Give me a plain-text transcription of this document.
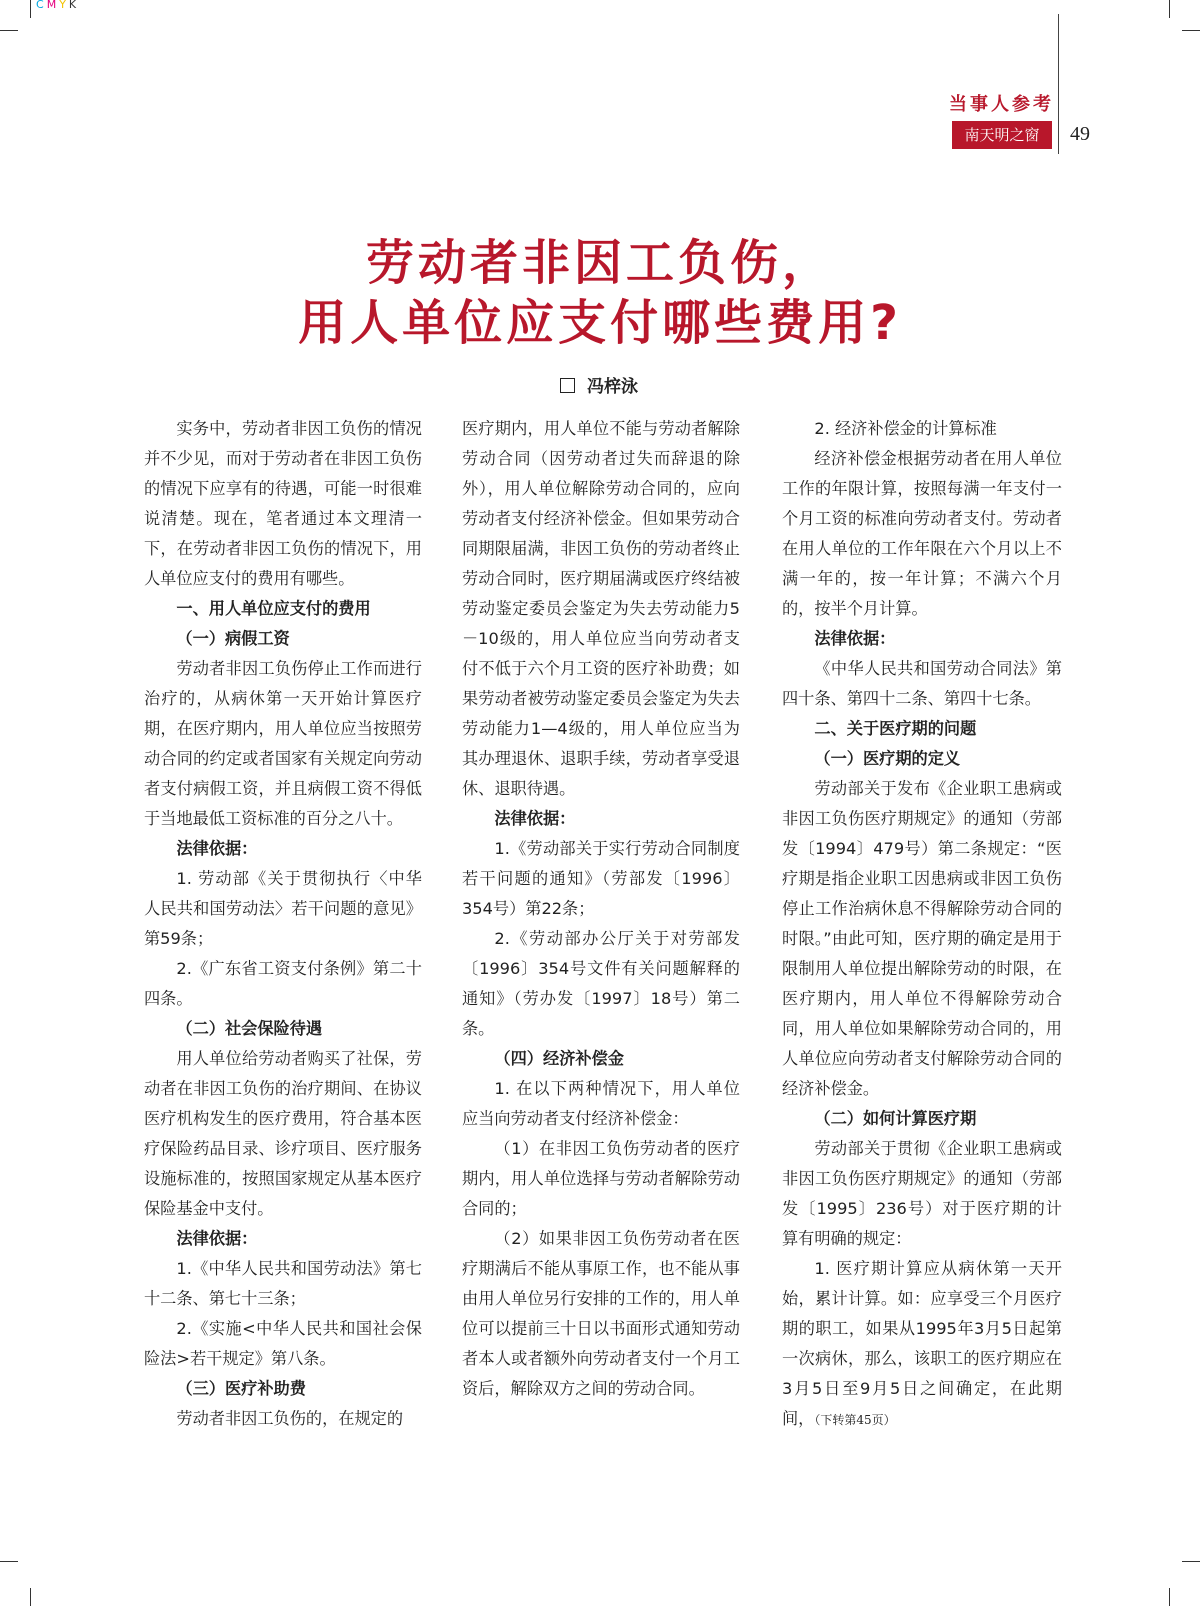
CMYK
当事人参考
南天明之窗	49
劳动者非因工负伤，
用人单位应支付哪些费用?
冯梓泳

实务中，劳动者非因工负伤的情况并不少见，而对于劳动者在非因工负伤的情况下应享有的待遇，可能一时很难说清楚。现在，笔者通过本文理清一下，在劳动者非因工负伤的情况下，用人单位应支付的费用有哪些。

一、用人单位应支付的费用

（一）病假工资

劳动者非因工负伤停止工作而进行治疗的，从病休第一天开始计算医疗期，在医疗期内，用人单位应当按照劳动合同的约定或者国家有关规定向劳动者支付病假工资，并且病假工资不得低于当地最低工资标准的百分之八十。

法律依据：

1. 劳动部《关于贯彻执行〈中华人民共和国劳动法〉若干问题的意见》第59条；

2.《广东省工资支付条例》第二十四条。

（二）社会保险待遇

用人单位给劳动者购买了社保，劳动者在非因工负伤的治疗期间、在协议医疗机构发生的医疗费用，符合基本医疗保险药品目录、诊疗项目、医疗服务设施标准的，按照国家规定从基本医疗保险基金中支付。

法律依据：

1.《中华人民共和国劳动法》第七十二条、第七十三条；

2.《实施<中华人民共和国社会保险法>若干规定》第八条。

（三）医疗补助费

劳动者非因工负伤的，在规定的

医疗期内，用人单位不能与劳动者解除劳动合同（因劳动者过失而辞退的除外），用人单位解除劳动合同的，应向劳动者支付经济补偿金。但如果劳动合同期限届满，非因工负伤的劳动者终止劳动合同时，医疗期届满或医疗终结被劳动鉴定委员会鉴定为失去劳动能力5－10级的，用人单位应当向劳动者支付不低于六个月工资的医疗补助费；如果劳动者被劳动鉴定委员会鉴定为失去劳动能力1—4级的，用人单位应当为其办理退休、退职手续，劳动者享受退休、退职待遇。

法律依据：

1.《劳动部关于实行劳动合同制度若干问题的通知》（劳部发〔1996〕354号）第22条；

2.《劳动部办公厅关于对劳部发〔1996〕354号文件有关问题解释的通知》（劳办发〔1997〕18号）第二条。

（四）经济补偿金

1. 在以下两种情况下，用人单位应当向劳动者支付经济补偿金：

（1）在非因工负伤劳动者的医疗期内，用人单位选择与劳动者解除劳动合同的；

（2）如果非因工负伤劳动者在医疗期满后不能从事原工作，也不能从事由用人单位另行安排的工作的，用人单位可以提前三十日以书面形式通知劳动者本人或者额外向劳动者支付一个月工资后，解除双方之间的劳动合同。

2. 经济补偿金的计算标准

经济补偿金根据劳动者在用人单位工作的年限计算，按照每满一年支付一个月工资的标准向劳动者支付。劳动者在用人单位的工作年限在六个月以上不满一年的，按一年计算；不满六个月的，按半个月计算。

法律依据：

《中华人民共和国劳动合同法》第四十条、第四十二条、第四十七条。

二、关于医疗期的问题

（一）医疗期的定义

劳动部关于发布《企业职工患病或非因工负伤医疗期规定》的通知（劳部发〔1994〕479号）第二条规定：“医疗期是指企业职工因患病或非因工负伤停止工作治病休息不得解除劳动合同的时限。”由此可知，医疗期的确定是用于限制用人单位提出解除劳动的时限，在医疗期内，用人单位不得解除劳动合同，用人单位如果解除劳动合同的，用人单位应向劳动者支付解除劳动合同的经济补偿金。

（二）如何计算医疗期

劳动部关于贯彻《企业职工患病或非因工负伤医疗期规定》的通知（劳部发〔1995〕236号）对于医疗期的计算有明确的规定：

1. 医疗期计算应从病休第一天开始，累计计算。如：应享受三个月医疗期的职工，如果从1995年3月5日起第一次病休，那么，该职工的医疗期应在3月5日至9月5日之间确定，在此期间，（下转第45页）
